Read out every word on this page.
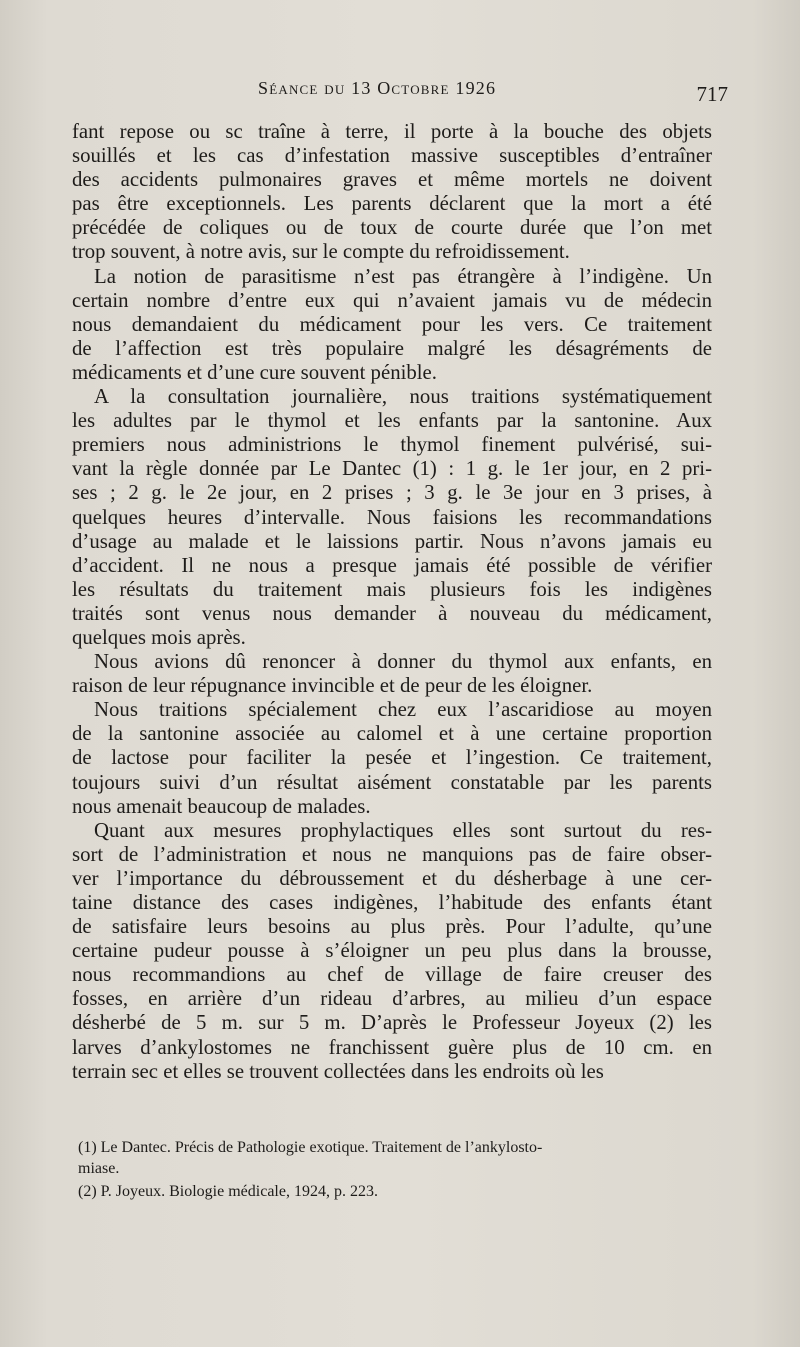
Séance du 13 Octobre 1926	717
fant repose ou sc traîne à terre, il porte à la bouche des objets
souillés et les cas d’infestation massive susceptibles d’entraîner
des accidents pulmonaires graves et même mortels ne doivent
pas être exceptionnels. Les parents déclarent que la mort a été
précédée de coliques ou de toux de courte durée que l’on met
trop souvent, à notre avis, sur le compte du refroidissement.
La notion de parasitisme n’est pas étrangère à l’indigène. Un
certain nombre d’entre eux qui n’avaient jamais vu de médecin
nous demandaient du médicament pour les vers. Ce traitement
de l’affection est très populaire malgré les désagréments de
médicaments et d’une cure souvent pénible.
A la consultation journalière, nous traitions systématiquement
les adultes par le thymol et les enfants par la santonine. Aux
premiers nous administrions le thymol finement pulvérisé, sui-
vant la règle donnée par Le Dantec (1) : 1 g. le 1er jour, en 2 pri-
ses ; 2 g. le 2e jour, en 2 prises ; 3 g. le 3e jour en 3 prises, à
quelques heures d’intervalle. Nous faisions les recommandations
d’usage au malade et le laissions partir. Nous n’avons jamais eu
d’accident. Il ne nous a presque jamais été possible de vérifier
les résultats du traitement mais plusieurs fois les indigènes
traités sont venus nous demander à nouveau du médicament,
quelques mois après.
Nous avions dû renoncer à donner du thymol aux enfants, en
raison de leur répugnance invincible et de peur de les éloigner.
Nous traitions spécialement chez eux l’ascaridiose au moyen
de la santonine associée au calomel et à une certaine proportion
de lactose pour faciliter la pesée et l’ingestion. Ce traitement,
toujours suivi d’un résultat aisément constatable par les parents
nous amenait beaucoup de malades.
Quant aux mesures prophylactiques elles sont surtout du res-
sort de l’administration et nous ne manquions pas de faire obser-
ver l’importance du débroussement et du désherbage à une cer-
taine distance des cases indigènes, l’habitude des enfants étant
de satisfaire leurs besoins au plus près. Pour l’adulte, qu’une
certaine pudeur pousse à s’éloigner un peu plus dans la brousse,
nous recommandions au chef de village de faire creuser des
fosses, en arrière d’un rideau d’arbres, au milieu d’un espace
désherbé de 5 m. sur 5 m. D’après le Professeur Joyeux (2) les
larves d’ankylostomes ne franchissent guère plus de 10 cm. en
terrain sec et elles se trouvent collectées dans les endroits où les
(1) Le Dantec. Précis de Pathologie exotique. Traitement de l’ankylosto-
miase.
(2) P. Joyeux. Biologie médicale, 1924, p. 223.
